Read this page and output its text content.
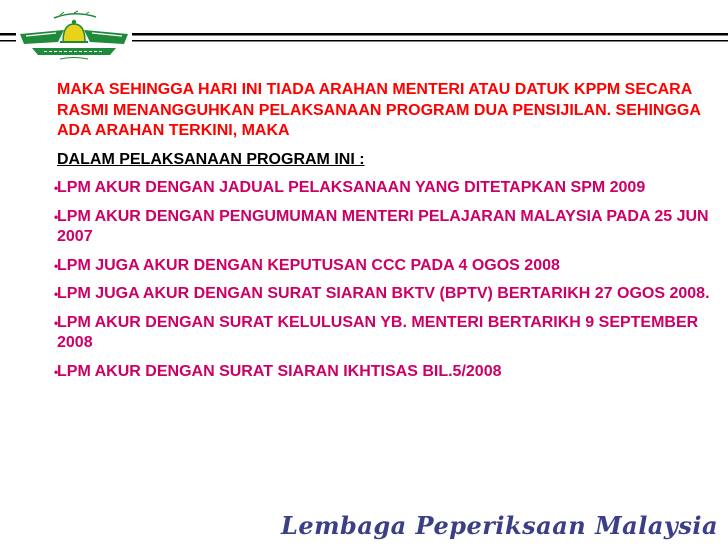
MAKA SEHINGGA HARI INI TIADA ARAHAN MENTERI ATAU DATUK KPPM SECARA RASMI MENANGGUHKAN PELAKSANAAN PROGRAM DUA PENSIJILAN. SEHINGGA ADA ARAHAN TERKINI, MAKA
DALAM PELAKSANAAN PROGRAM INI :
•
LPM AKUR DENGAN JADUAL PELAKSANAAN YANG DITETAPKAN SPM 2009
•
LPM AKUR DENGAN PENGUMUMAN MENTERI PELAJARAN MALAYSIA PADA 25 JUN 2007
•
LPM JUGA AKUR DENGAN KEPUTUSAN CCC PADA 4 OGOS 2008
•
LPM JUGA AKUR DENGAN SURAT SIARAN BKTV (BPTV) BERTARIKH 27 OGOS 2008.
•
LPM AKUR DENGAN SURAT KELULUSAN YB. MENTERI BERTARIKH 9 SEPTEMBER 2008
•
LPM AKUR DENGAN SURAT SIARAN IKHTISAS BIL.5/2008
Lembaga Peperiksaan Malaysia
